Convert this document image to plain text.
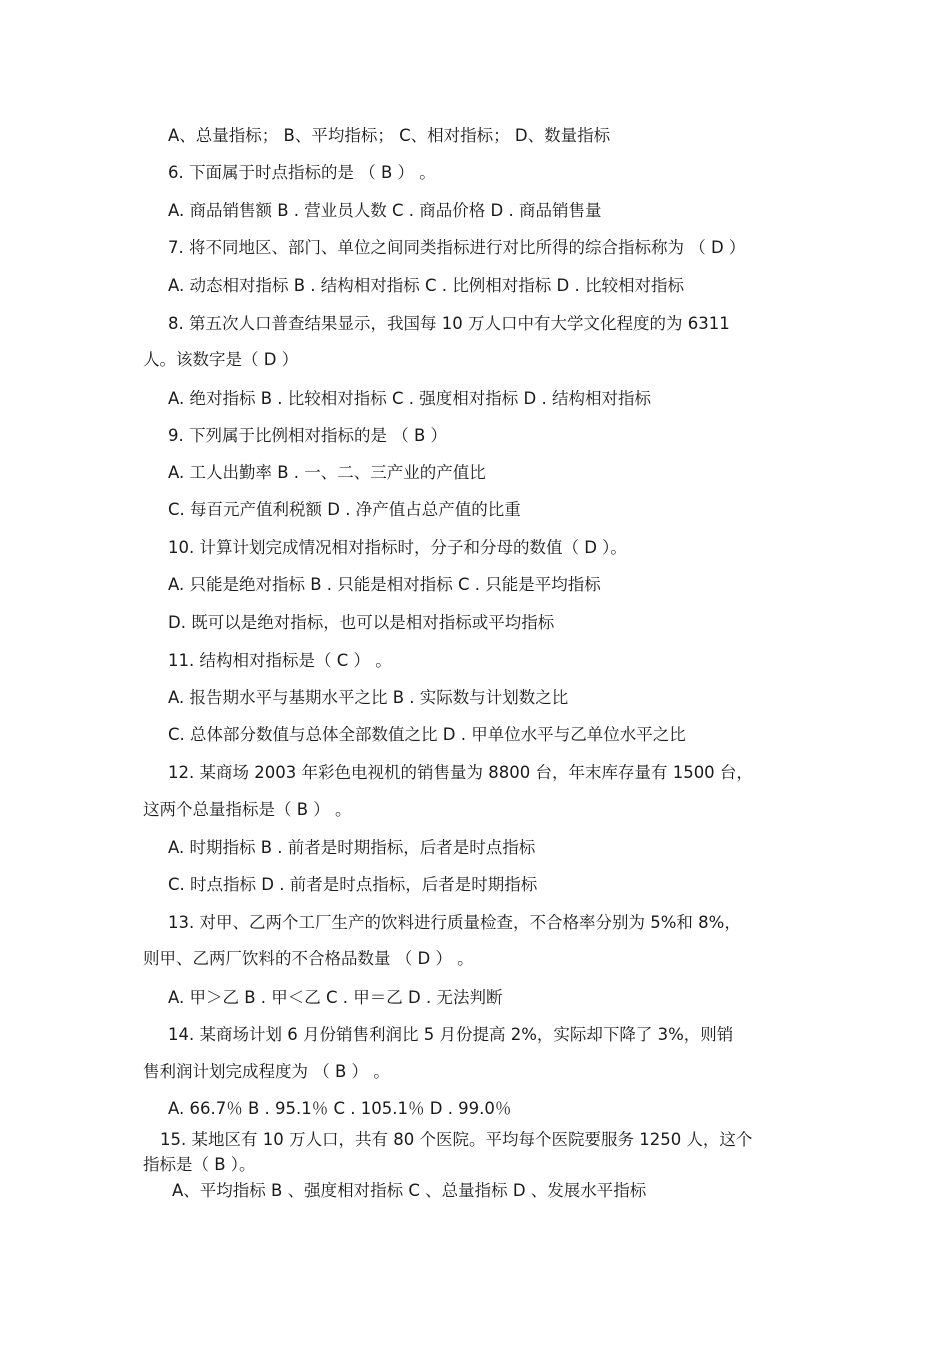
A、总量指标； B、平均指标； C、相对指标； D、数量指标
6. 下面属于时点指标的是 （ B ） 。
A. 商品销售额 B . 营业员人数 C . 商品价格 D . 商品销售量
7. 将不同地区、部门、单位之间同类指标进行对比所得的综合指标称为 （ D ）
A. 动态相对指标 B . 结构相对指标 C . 比例相对指标 D . 比较相对指标
8. 第五次人口普查结果显示，我国每 10 万人口中有大学文化程度的为 6311
人。该数字是（ D ）
A. 绝对指标 B . 比较相对指标 C . 强度相对指标 D . 结构相对指标
9. 下列属于比例相对指标的是 （ B ）
A. 工人出勤率 B . 一、二、三产业的产值比
C. 每百元产值利税额 D . 净产值占总产值的比重
10. 计算计划完成情况相对指标时，分子和分母的数值（ D ）。
A. 只能是绝对指标 B . 只能是相对指标 C . 只能是平均指标
D. 既可以是绝对指标，也可以是相对指标或平均指标
11. 结构相对指标是（ C ） 。
A. 报告期水平与基期水平之比 B . 实际数与计划数之比
C. 总体部分数值与总体全部数值之比 D . 甲单位水平与乙单位水平之比
12. 某商场 2003 年彩色电视机的销售量为 8800 台，年末库存量有 1500 台，
这两个总量指标是（ B ） 。
A. 时期指标 B . 前者是时期指标，后者是时点指标
C. 时点指标 D . 前者是时点指标，后者是时期指标
13. 对甲、乙两个工厂生产的饮料进行质量检查，不合格率分别为 5%和 8%，
则甲、乙两厂饮料的不合格品数量 （ D ） 。
A. 甲＞乙 B . 甲＜乙 C . 甲＝乙 D . 无法判断
14. 某商场计划 6 月份销售利润比 5 月份提高 2%，实际却下降了 3%，则销
售利润计划完成程度为 （ B ） 。
A. 66.7％ B . 95.1％ C . 105.1％ D . 99.0％
15. 某地区有 10 万人口，共有 80 个医院。平均每个医院要服务 1250 人，这个
指标是（ B ）。
A、平均指标 B 、强度相对指标 C 、总量指标 D 、发展水平指标
